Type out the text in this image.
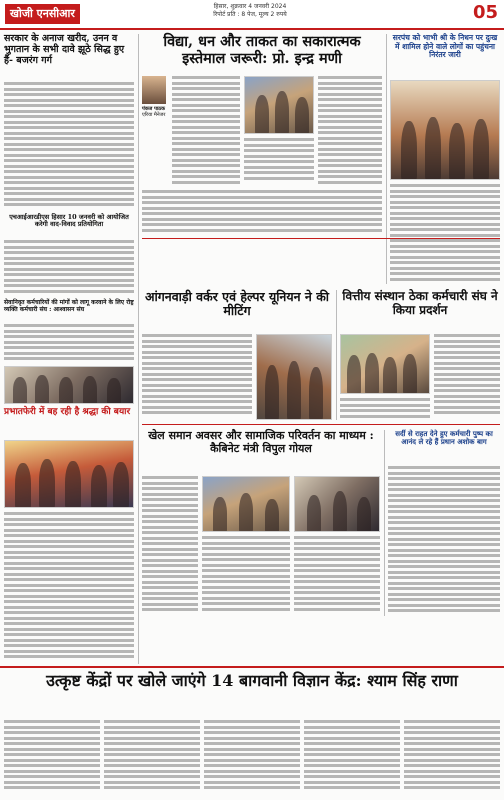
खोजी एनसीआर
हिसार, शुक्रवार 4 जनवरी 2024
रिपोर्ट प्रति : 8 पेज, मूल्य 2 रुपये	05
सरकार के अनाज खरीद, उनन व भुगतान के सभी दावे झूठे सिद्ध हुए हैं- बजरंग गर्ग
एचआईआरडीएस हिसार 10 जनवरी को आयोजित करेगी वाद-विवाद प्रतियोगिता
सेवानिवृत कर्मचारियों की मांगों को लागू करवाने के लिए रोष्ट्र व्यक्ति कर्मचारी संघ : आश्वासन संघ
प्रभातफेरी में बह रही है श्रद्धा की बयार
विद्या, धन और ताकत का सकारात्मक इस्तेमाल जरूरी: प्रो. इन्द्र मणी
पंकज पाठक
एरिया मैनेजर
सरपंच को भाभी श्री के निधन पर दुःख में शामिल होने वाले लोगों का पहुंचना निरंतर जारी
आंगनवाड़ी वर्कर एवं हेल्पर यूनियन ने की मीटिंग
वित्तीय संस्थान ठेका कर्मचारी संघ ने किया प्रदर्शन
खेल समान अवसर और सामाजिक परिवर्तन का माध्यम : कैबिनेट मंत्री विपुल गोयल
सर्दी से राहत देने हुए कर्मचारी पुष्प का आनंद ले रहे हैं प्रधान अशोक बाग
उत्कृष्ट केंद्रों पर खोले जाएंगे 14 बागवानी विज्ञान केंद्र: श्याम सिंह राणा
